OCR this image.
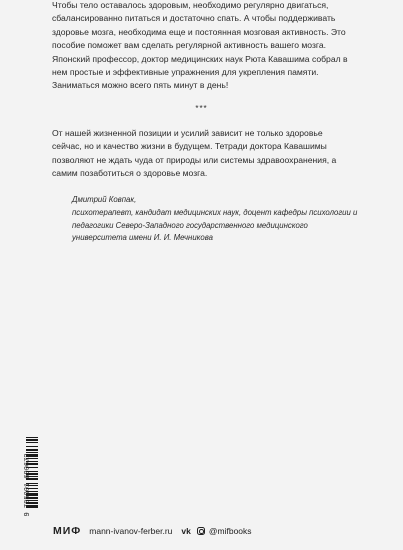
Чтобы тело оставалось здоровым, необходимо регулярно двигаться, сбалансированно питаться и достаточно спать. А чтобы поддерживать здоровье мозга, необходима еще и постоянная мозговая активность. Это пособие поможет вам сделать регулярной активность вашего мозга. Японский профессор, доктор медицинских наук Рюта Кавашима собрал в нем простые и эффективные упражнения для укрепления памяти. Заниматься можно всего пять минут в день!

***

От нашей жизненной позиции и усилий зависит не только здоровье сейчас, но и качество жизни в будущем. Тетради доктора Кавашимы позволяют не ждать чуда от природы или системы здравоохранения, а самим позаботиться о здоровье мозга.

Дмитрий Ковпак,

психотерапевт, кандидат медицинских наук, доцент кафедры психологии и педагогики Северо-Западного государственного медицинского университета имени И. И. Мечникова

9 785001 690672
МИФ mann-ivanov-ferber.ru vk @mifbooks
